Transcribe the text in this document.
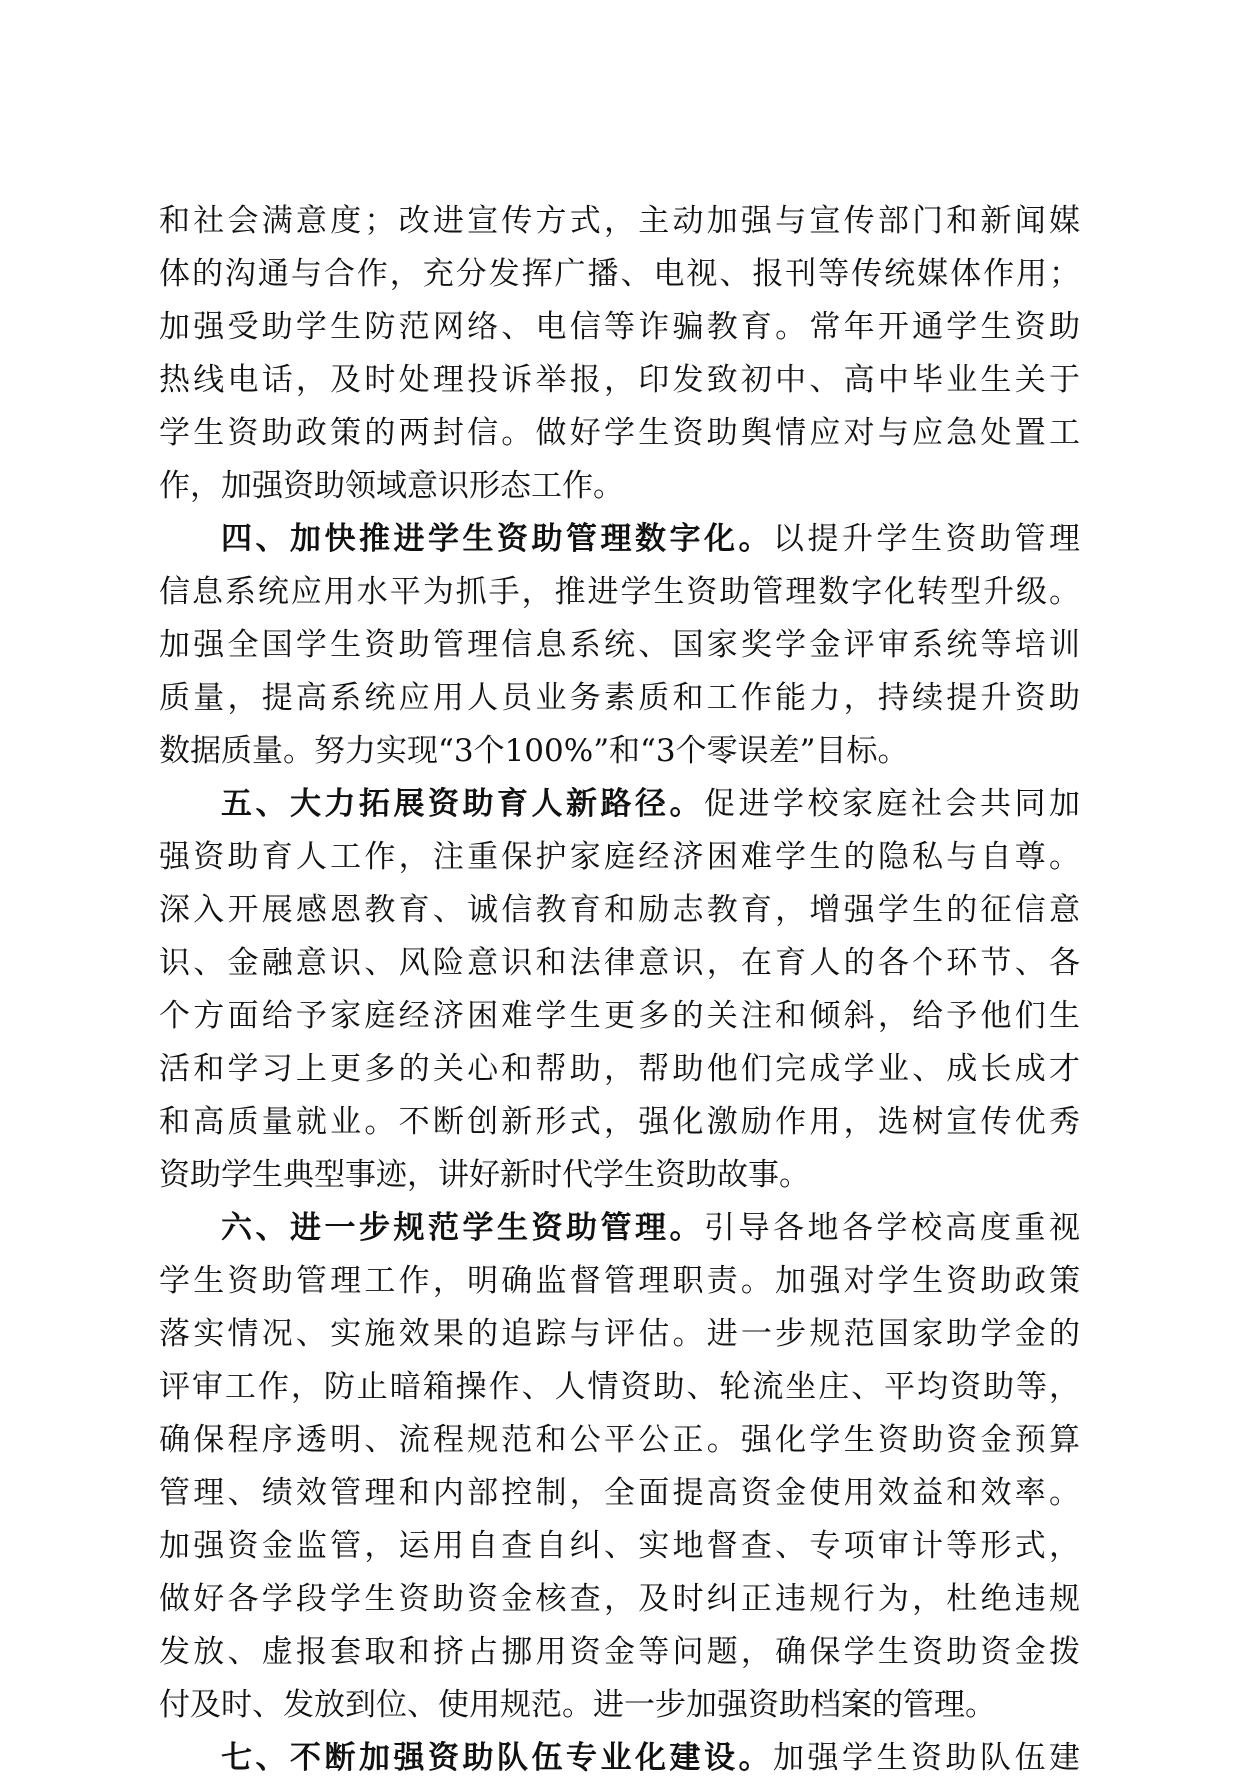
和社会满意度；改进宣传方式，主动加强与宣传部门和新闻媒
体的沟通与合作，充分发挥广播、电视、报刊等传统媒体作用；
加强受助学生防范网络、电信等诈骗教育。常年开通学生资助
热线电话，及时处理投诉举报，印发致初中、高中毕业生关于
学生资助政策的两封信。做好学生资助舆情应对与应急处置工
作，加强资助领域意识形态工作。
四、加快推进学生资助管理数字化。以提升学生资助管理
信息系统应用水平为抓手，推进学生资助管理数字化转型升级。
加强全国学生资助管理信息系统、国家奖学金评审系统等培训
质量，提高系统应用人员业务素质和工作能力，持续提升资助
数据质量。努力实现“3个100%”和“3个零误差”目标。
五、大力拓展资助育人新路径。促进学校家庭社会共同加
强资助育人工作，注重保护家庭经济困难学生的隐私与自尊。
深入开展感恩教育、诚信教育和励志教育，增强学生的征信意
识、金融意识、风险意识和法律意识，在育人的各个环节、各
个方面给予家庭经济困难学生更多的关注和倾斜，给予他们生
活和学习上更多的关心和帮助，帮助他们完成学业、成长成才
和高质量就业。不断创新形式，强化激励作用，选树宣传优秀
资助学生典型事迹，讲好新时代学生资助故事。
六、进一步规范学生资助管理。引导各地各学校高度重视
学生资助管理工作，明确监督管理职责。加强对学生资助政策
落实情况、实施效果的追踪与评估。进一步规范国家助学金的
评审工作，防止暗箱操作、人情资助、轮流坐庄、平均资助等，
确保程序透明、流程规范和公平公正。强化学生资助资金预算
管理、绩效管理和内部控制，全面提高资金使用效益和效率。
加强资金监管，运用自查自纠、实地督查、专项审计等形式，
做好各学段学生资助资金核查，及时纠正违规行为，杜绝违规
发放、虚报套取和挤占挪用资金等问题，确保学生资助资金拨
付及时、发放到位、使用规范。进一步加强资助档案的管理。
七、不断加强资助队伍专业化建设。加强学生资助队伍建
